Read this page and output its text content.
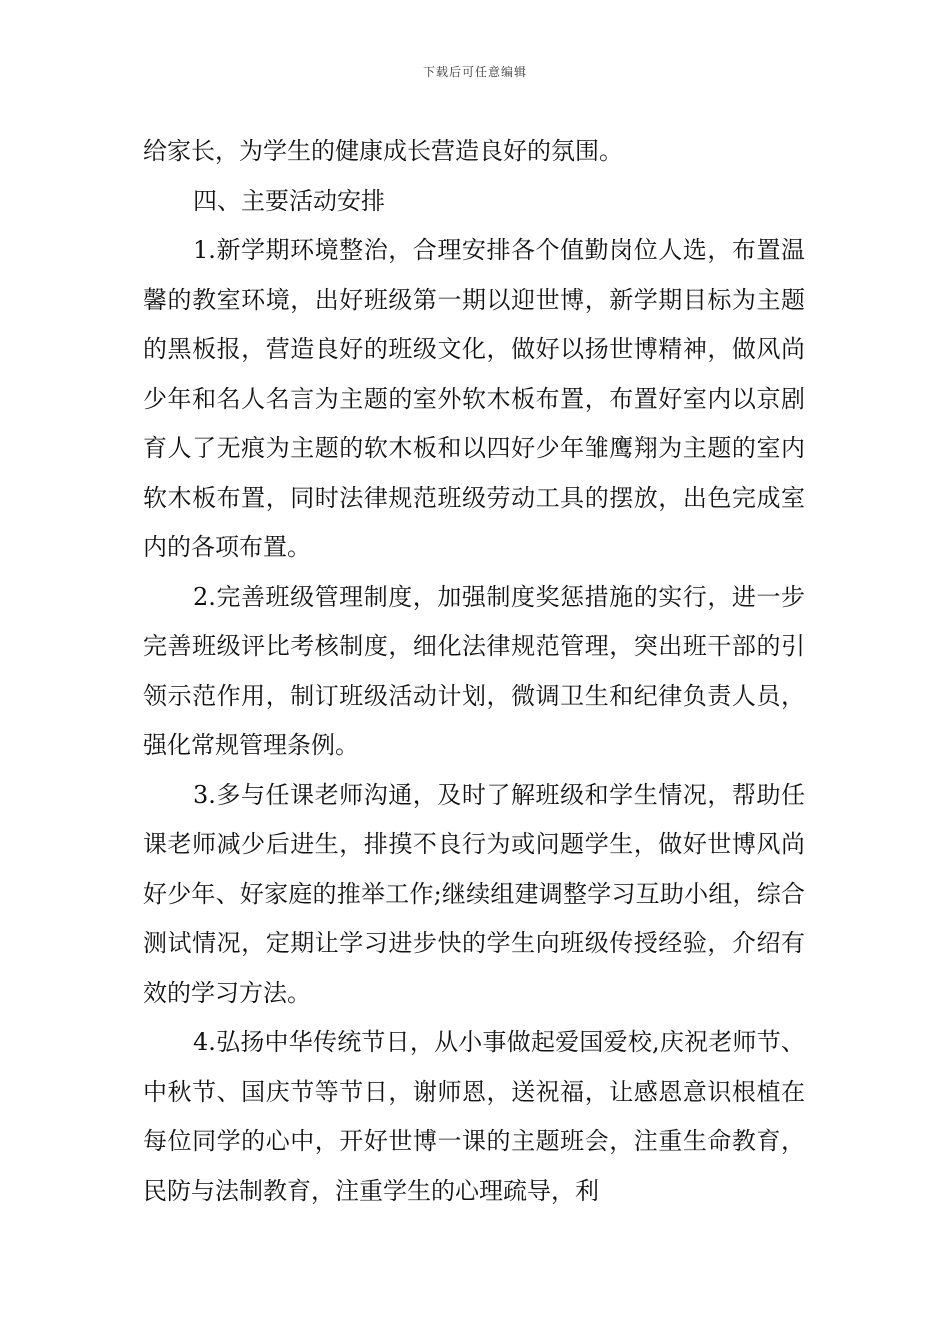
下载后可任意编辑

给家长，为学生的健康成长营造良好的氛围。

四、主要活动安排

1.新学期环境整治，合理安排各个值勤岗位人选，布置温馨的教室环境，出好班级第一期以迎世博，新学期目标为主题的黑板报，营造良好的班级文化，做好以扬世博精神，做风尚少年和名人名言为主题的室外软木板布置，布置好室内以京剧育人了无痕为主题的软木板和以四好少年雏鹰翔为主题的室内软木板布置，同时法律规范班级劳动工具的摆放，出色完成室内的各项布置。

2.完善班级管理制度，加强制度奖惩措施的实行，进一步完善班级评比考核制度，细化法律规范管理，突出班干部的引领示范作用，制订班级活动计划，微调卫生和纪律负责人员，强化常规管理条例。

3.多与任课老师沟通，及时了解班级和学生情况，帮助任课老师减少后进生，排摸不良行为或问题学生，做好世博风尚好少年、好家庭的推举工作;继续组建调整学习互助小组，综合测试情况，定期让学习进步快的学生向班级传授经验，介绍有效的学习方法。

4.弘扬中华传统节日，从小事做起爱国爱校,庆祝老师节、中秋节、国庆节等节日，谢师恩，送祝福，让感恩意识根植在每位同学的心中，开好世博一课的主题班会，注重生命教育，民防与法制教育，注重学生的心理疏导，利
